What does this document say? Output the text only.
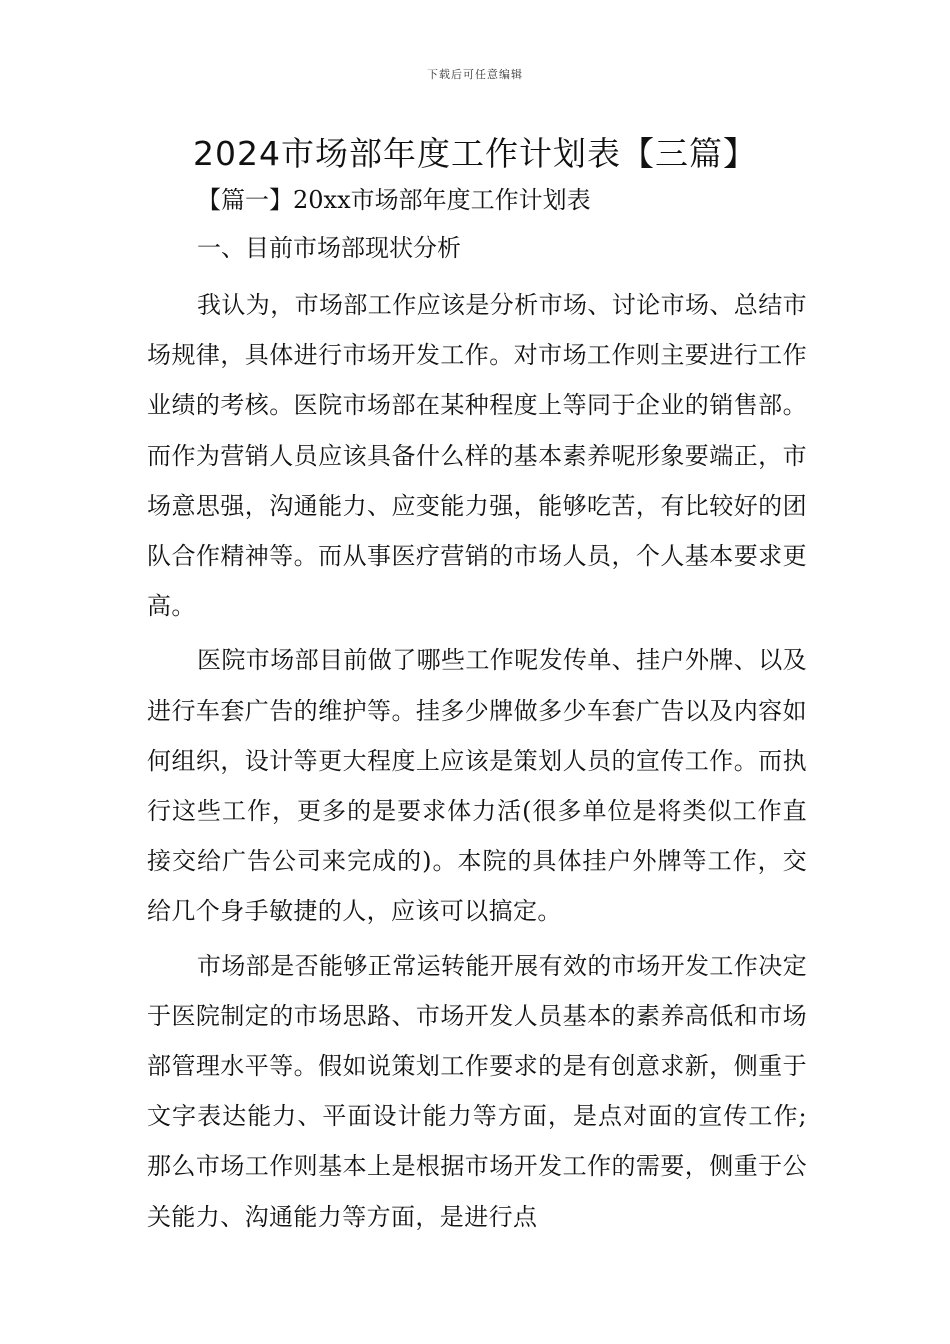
下载后可任意编辑
2024市场部年度工作计划表【三篇】
【篇一】20xx市场部年度工作计划表
一、目前市场部现状分析

我认为，市场部工作应该是分析市场、讨论市场、总结市场规律，具体进行市场开发工作。对市场工作则主要进行工作业绩的考核。医院市场部在某种程度上等同于企业的销售部。而作为营销人员应该具备什么样的基本素养呢形象要端正，市场意思强，沟通能力、应变能力强，能够吃苦，有比较好的团队合作精神等。而从事医疗营销的市场人员，个人基本要求更高。

医院市场部目前做了哪些工作呢发传单、挂户外牌、以及进行车套广告的维护等。挂多少牌做多少车套广告以及内容如何组织，设计等更大程度上应该是策划人员的宣传工作。而执行这些工作，更多的是要求体力活(很多单位是将类似工作直接交给广告公司来完成的)。本院的具体挂户外牌等工作，交给几个身手敏捷的人，应该可以搞定。

市场部是否能够正常运转能开展有效的市场开发工作决定于医院制定的市场思路、市场开发人员基本的素养高低和市场部管理水平等。假如说策划工作要求的是有创意求新，侧重于文字表达能力、平面设计能力等方面，是点对面的宣传工作;那么市场工作则基本上是根据市场开发工作的需要，侧重于公关能力、沟通能力等方面，是进行点
